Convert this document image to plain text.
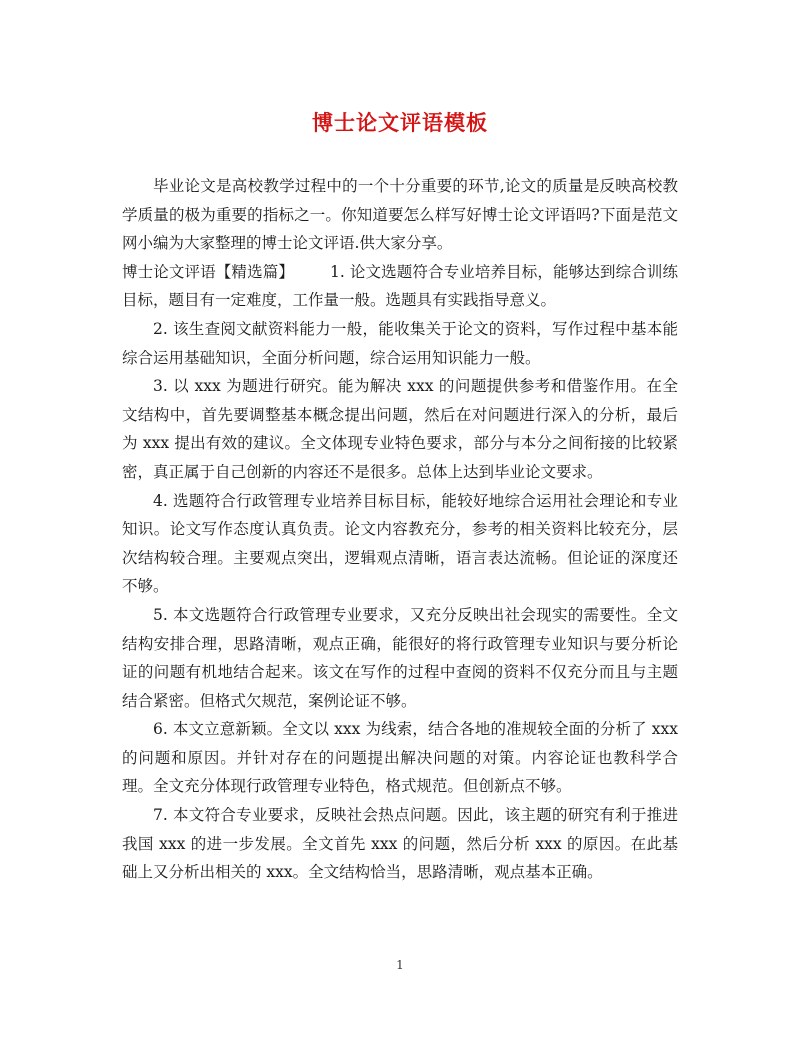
博士论文评语模板

毕业论文是高校教学过程中的一个十分重要的环节,论文的质量是反映高校教学质量的极为重要的指标之一。你知道要怎么样写好博士论文评语吗?下面是范文网小编为大家整理的博士论文评语.供大家分享。

博士论文评语【精选篇】 1. 论文选题符合专业培养目标，能够达到综合训练目标，题目有一定难度，工作量一般。选题具有实践指导意义。

2. 该生查阅文献资料能力一般，能收集关于论文的资料，写作过程中基本能综合运用基础知识，全面分析问题，综合运用知识能力一般。

3. 以 xxx 为题进行研究。能为解决 xxx 的问题提供参考和借鉴作用。在全文结构中，首先要调整基本概念提出问题，然后在对问题进行深入的分析，最后为 xxx 提出有效的建议。全文体现专业特色要求，部分与本分之间衔接的比较紧密，真正属于自己创新的内容还不是很多。总体上达到毕业论文要求。

4. 选题符合行政管理专业培养目标目标，能较好地综合运用社会理论和专业知识。论文写作态度认真负责。论文内容教充分，参考的相关资料比较充分，层次结构较合理。主要观点突出，逻辑观点清晰，语言表达流畅。但论证的深度还不够。

5. 本文选题符合行政管理专业要求，又充分反映出社会现实的需要性。全文结构安排合理，思路清晰，观点正确，能很好的将行政管理专业知识与要分析论证的问题有机地结合起来。该文在写作的过程中查阅的资料不仅充分而且与主题结合紧密。但格式欠规范，案例论证不够。

6. 本文立意新颖。全文以 xxx 为线索，结合各地的准规较全面的分析了 xxx 的问题和原因。并针对存在的问题提出解决问题的对策。内容论证也教科学合理。全文充分体现行政管理专业特色，格式规范。但创新点不够。

7. 本文符合专业要求，反映社会热点问题。因此，该主题的研究有利于推进我国 xxx 的进一步发展。全文首先 xxx 的问题，然后分析 xxx 的原因。在此基础上又分析出相关的 xxx。全文结构恰当，思路清晰，观点基本正确。

1
